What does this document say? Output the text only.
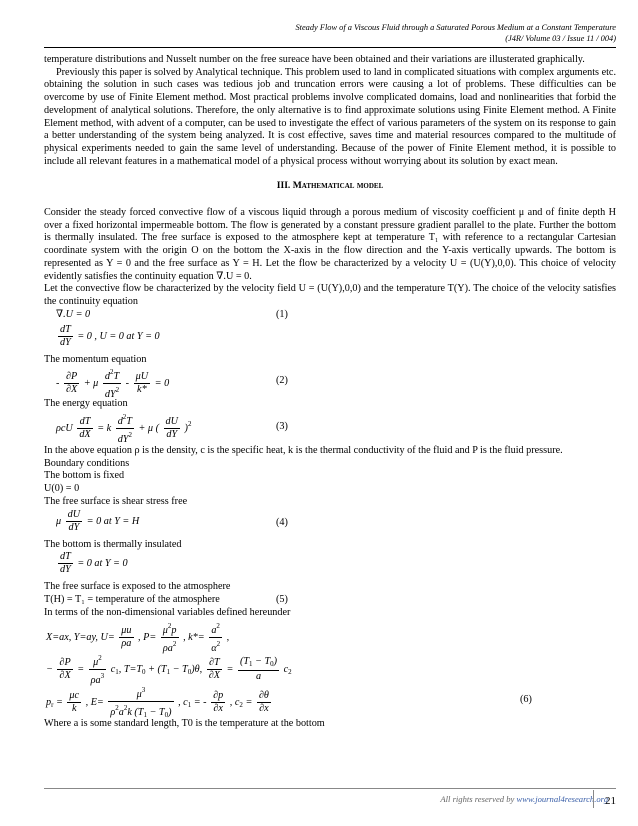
Steady Flow of a Viscous Fluid through a Saturated Porous Medium at a Constant Temperature
(J4R/ Volume 03 / Issue 11 / 004)

temperature distributions and Nusselt number on the free sureace have been obtained and their variations are illusterated graphically.

Previously this paper is solved by Analytical technique. This problem used to land in complicated situations with complex arguments etc. obtaining the solution in such cases was tedious job and truncation errors were causing a lot of problems. These difficulties can be overcome by use of Finite Element method. Most practical problems involve complicated domains, load and nonlinearities that forbid the development of analytical solutions. Therefore, the only alternative is to find approximate solutions using Finite Element method. A Finite Element method, with advent of a computer, can be used to investigate the effect of various parameters of the system on its response to gain a better understanding of the system being analyzed. It is cost effective, saves time and material resources compared to the multitude of physical experiments needed to gain the same level of understanding. Because of the power of Finite Element method, it is possible to include all relevant features in a mathematical model of a physical process without worrying about its solution by exact mean.

III. Mathematical model

Consider the steady forced convective flow of a viscous liquid through a porous medium of viscosity coefficient μ and of finite depth H over a fixed horizontal impermeable bottom. The flow is generated by a constant pressure gradient parallel to the plate. Further the bottom is thermally insulated. The free surface is exposed to the atmosphere kept at temperature T₁ with reference to a rectangular Cartesian coordinate system with the origin O on the bottom the X-axis in the flow direction and the Y-axis vertically upwards. The bottom is represented as Y = 0 and the free surface as Y = H. Let the flow be characterized by a velocity U = (U(Y),0,0). This choice of velocity evidently satisfies the continuity equation ∇.U = 0.

Let the convective flow be characterized by the velocity field U = (U(Y),0,0) and the temperature T(Y). The choice of the velocity satisfies the continuity equation

∇.U = 0	(1)
$\frac{dT}{dY} = 0$ , U = 0 at Y = 0

The momentum equation

- $\frac{\partial P}{\partial X} + \mu \frac{d^2T}{dY^2} - \frac{\mu U}{k*} = 0$	(2)

The energy equation

ρcU $\frac{dT}{dX} = k \frac{d^2T}{dY^2} + \mu$ ( $\frac{dU}{dY} )^2$	(3)

In the above equation ρ is the density, c is the specific heat, k is the thermal conductivity of the fluid and P is the fluid pressure.

Boundary conditions

The bottom is fixed

U(0) = 0

The free surface is shear stress free

μ $\frac{dU}{dY} = 0$ at Y = H	(4)

The bottom is thermally insulated

$\frac{dT}{dY} = 0$ at Y = 0

The free surface is exposed to the atmosphere

T(H) = T₁ = temperature of the atmosphere	(5)

In terms of the non-dimensional variables defined hereunder

X=ax, Y=ay, $U= \frac{\mu u}{\rho a}$ , $P= \frac{\mu^2p}{\rho a^2}$ , $k*= \frac{a^2}{\alpha^2}$ ,
− $\frac{\partial P}{\partial X} = \frac{\mu^2}{\rho a^3} c_1$, $T=T_0 + (T_1 - T_0)\theta$, $\frac{\partial T}{\partial X} = \frac{(T_1 - T_0)}{a} c_2$
$p_r = \frac{\mu c}{k}$ , $E= \frac{\mu^3}{\rho^2a^2k (T_1 - T_0)}$ , $c_1$ = - $\frac{\partial p}{\partial x}$ , $c_2 = \frac{\partial\theta}{\partial x}$	(6)

Where a is some standard length, T0 is the temperature at the bottom

All rights reserved by www.journal4research.org
21
